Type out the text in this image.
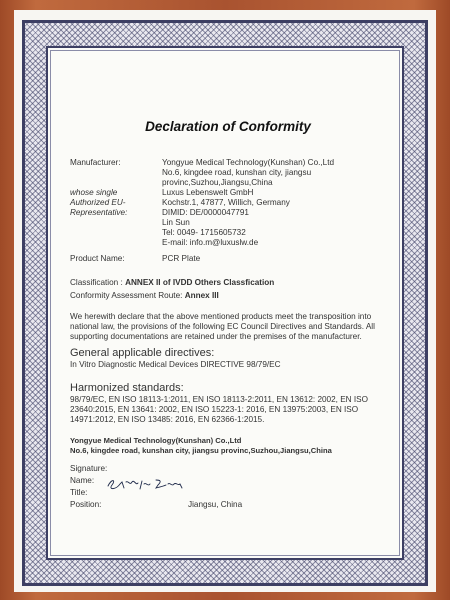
Declaration of Conformity
Manufacturer:	Yongyue Medical Technology(Kunshan) Co.,Ltd
No.6, kingdee road, kunshan city, jiangsu
provinc,Suzhou,Jiangsu,China
whose single
Authorized EU-
Representative:
Luxus Lebenswelt GmbH
Kochstr.1, 47877, Willich, Germany
DIMID: DE/0000047791
Lin Sun
Tel: 0049- 1715605732
E-mail: info.m@luxuslw.de
Product Name:	PCR Plate
Classification : ANNEX II of IVDD Others Classfication
Conformity Assessment Route: Annex III
We herewith declare that the above mentioned products meet the transposition into national law, the provisions of the following EC Council Directives and Standards. All supporting documentations are retained under the premises of the manufacturer.
General applicable directives:
In Vitro Diagnostic Medical Devices DIRECTIVE 98/79/EC
Harmonized standards:
98/79/EC, EN ISO 18113-1:2011, EN ISO 18113-2:2011, EN 13612: 2002, EN ISO 23640:2015, EN 13641: 2002, EN ISO 15223-1: 2016, EN 13975:2003, EN ISO 14971:2012, EN ISO 13485: 2016, EN 62366-1:2015.
Yongyue Medical Technology(Kunshan) Co.,Ltd
No.6, kingdee road, kunshan city, jiangsu provinc,Suzhou,Jiangsu,China
Signature:
Name:
Title:
Position:	Jiangsu, China
